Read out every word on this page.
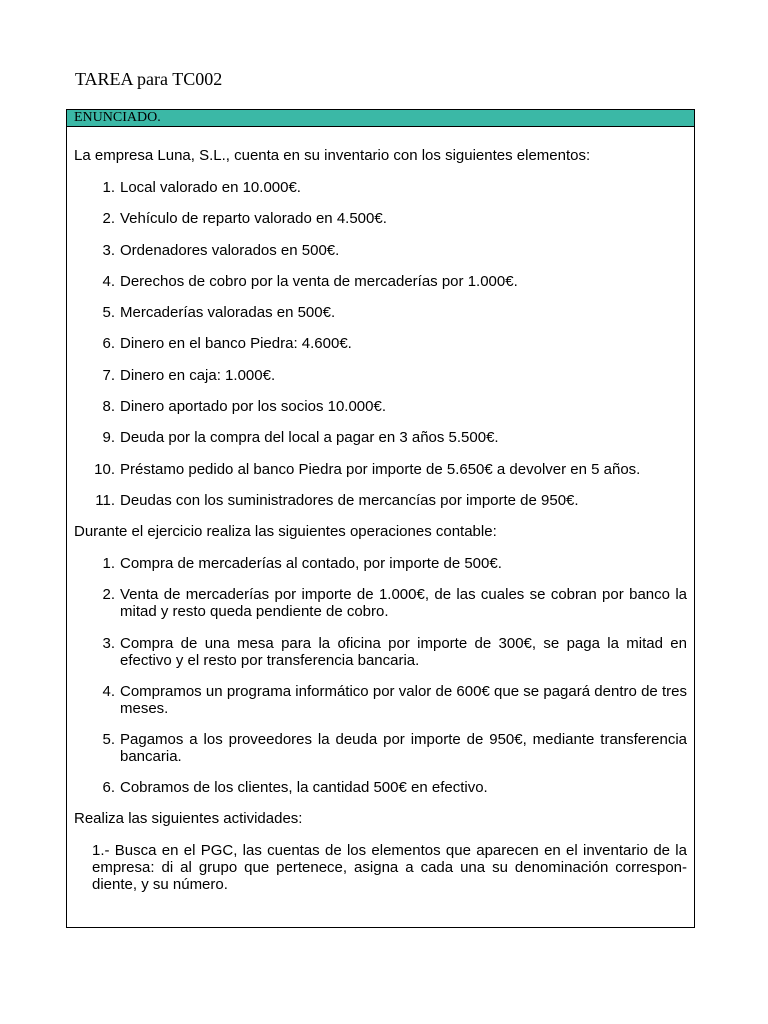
TAREA para TC002
ENUNCIADO.
La empresa Luna, S.L., cuenta en su inventario con los siguientes elementos:
1. Local valorado en 10.000€.
2. Vehículo de reparto valorado en 4.500€.
3. Ordenadores valorados en 500€.
4. Derechos de cobro por la venta de mercaderías por 1.000€.
5. Mercaderías valoradas en 500€.
6. Dinero en el banco Piedra: 4.600€.
7. Dinero en caja: 1.000€.
8. Dinero aportado por los socios 10.000€.
9. Deuda por la compra del local a pagar en 3 años 5.500€.
10. Préstamo pedido al banco Piedra por importe de 5.650€ a devolver en 5 años.
11. Deudas con los suministradores de mercancías por importe de 950€.
Durante el ejercicio realiza las siguientes operaciones contable:
1. Compra de mercaderías al contado, por importe de 500€.
2. Venta de mercaderías por importe de 1.000€, de las cuales se cobran por banco la mitad y resto queda pendiente de cobro.
3. Compra de una mesa para la oficina por importe de 300€, se paga la mitad en efectivo y el resto por transferencia bancaria.
4. Compramos un programa informático por valor de 600€ que se pagará dentro de tres meses.
5. Pagamos a los proveedores la deuda por importe de 950€, mediante transferencia bancaria.
6. Cobramos de los clientes, la cantidad 500€ en efectivo.
Realiza las siguientes actividades:
1.- Busca en el PGC, las cuentas de los elementos que aparecen en el inventario de la empresa: di al grupo que pertenece, asigna a cada una su denominación correspon-diente, y su número.
